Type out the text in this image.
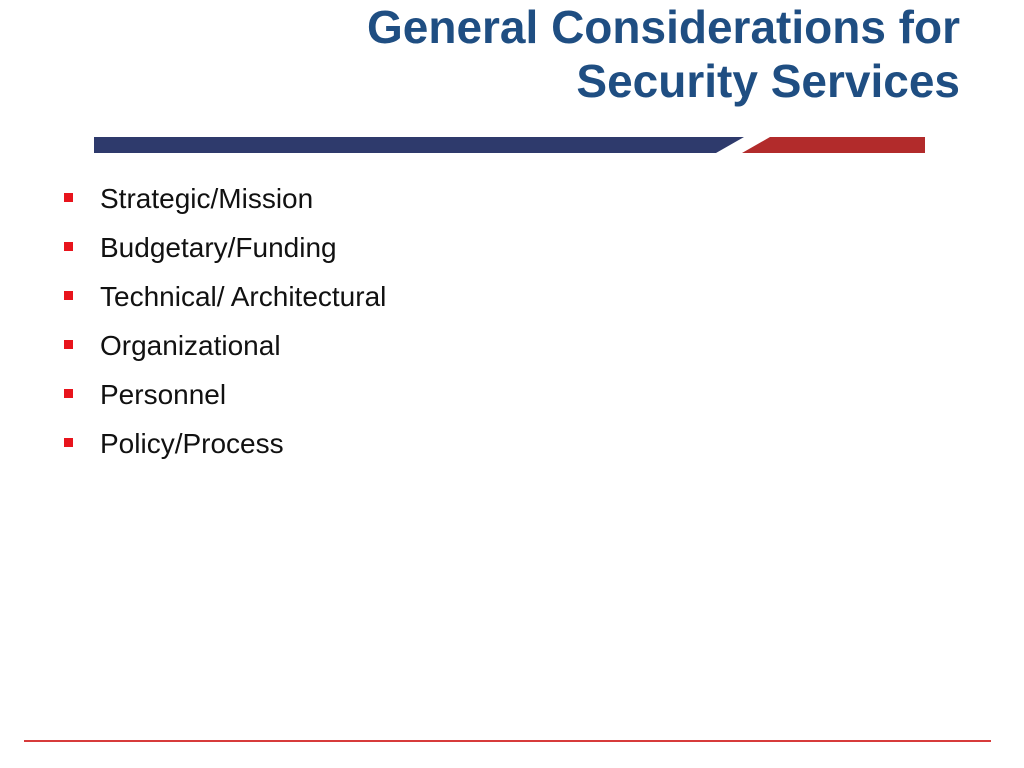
General Considerations for
Security Services
Strategic/Mission
Budgetary/Funding
Technical/ Architectural
Organizational
Personnel
Policy/Process
